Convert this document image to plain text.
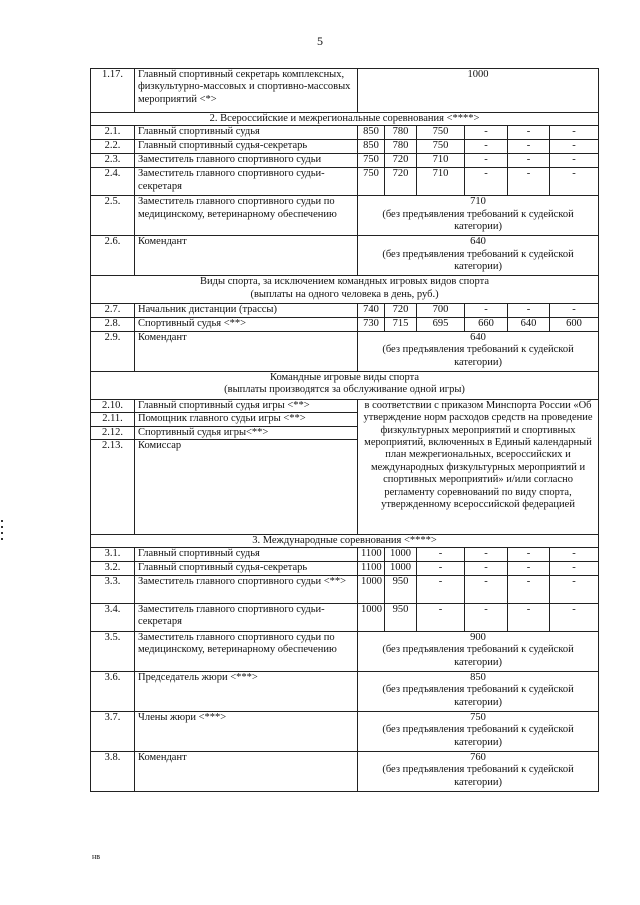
5
1.17.	Главный спортивный секретарь комплексных, физкультурно-массовых и спортивно-массовых мероприятий <*>	1000					
2. Всероссийские и межрегиональные соревнования <****>							
2.1.	Главный спортивный судья	850	780	750	-	-	-
2.2.	Главный спортивный судья-секретарь	850	780	750	-	-	-
2.3.	Заместитель главного спортивного судьи	750	720	710	-	-	-
2.4.	Заместитель главного спортивного судьи-секретаря	750	720	710	-	-	-
2.5.	Заместитель главного спортивного судьи по медицинскому, ветеринарному обеспечению	710
(без предъявления требований к судейской категории)					

2.6.	Комендант	640
(без предъявления требований к судейской категории)					

Виды спорта, за исключением командных игровых видов спорта
(выплаты на одного человека в день, руб.)							

2.7.	Начальник дистанции (трассы)	740	720	700	-	-	-
2.8.	Спортивный судья <**>	730	715	695	660	640	600
2.9.	Комендант	640
(без предъявления требований к судейской категории)					

Командные игровые виды спорта
(выплаты производятся за обслуживание одной игры)							

2.10.	Главный спортивный судья игры <**>	в соответствии с приказом Минспорта России «Об утверждение норм расходов средств на проведение физкультурных мероприятий и спортивных мероприятий, включенных в Единый календарный план межрегиональных, всероссийских и международных физкультурных мероприятий и спортивных мероприятий» и/или согласно регламенту соревнований по виду спорта, утвержденному всероссийской федерацией					
2.11.	Помощник главного судьи игры <**>						
2.12.	Спортивный судья игры<**>						
2.13.	Комиссар						
3. Международные соревнования <****>							
3.1.	Главный спортивный судья	1100	1000	-	-	-	-
3.2.	Главный спортивный судья-секретарь	1100	1000	-	-	-	-
3.3.	Заместитель главного спортивного судьи <**>	1000	950	-	-	-	-
3.4.	Заместитель главного спортивного судьи-секретаря	1000	950	-	-	-	-
3.5.	Заместитель главного спортивного судьи по медицинскому, ветеринарному обеспечению	900
(без предъявления требований к судейской категории)					

3.6.	Председатель жюри <***>	850
(без предъявления требований к судейской категории)					

3.7.	Члены жюри <***>	750
(без предъявления требований к судейской категории)					

3.8.	Комендант	760
(без предъявления требований к судейской категории)					
нв
